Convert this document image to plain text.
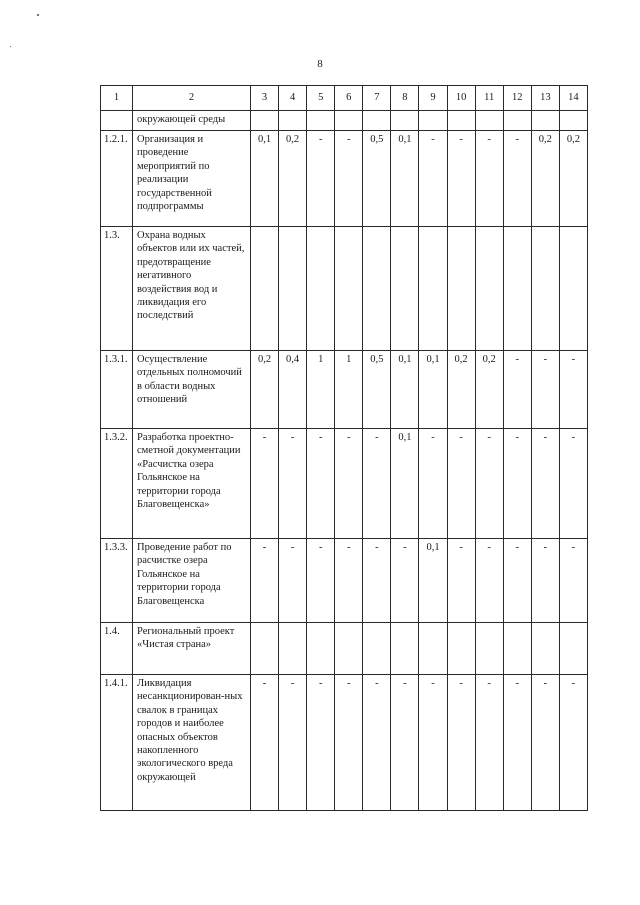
8
1	2	3	4	5	6	7	8	9	10	11	12	13	14
	окружающей среды												
1.2.1.	Организация и проведение мероприятий по реализации государственной подпрограммы	0,1	0,2	-	-	0,5	0,1	-	-	-	-	0,2	0,2
1.3.	Охрана водных объектов или их частей, предотвращение негативного воздействия вод и ликвидация его последствий												
1.3.1.	Осуществление отдельных полномочий в области водных отношений	0,2	0,4	1	1	0,5	0,1	0,1	0,2	0,2	-	-	-
1.3.2.	Разработка проектно-сметной документации «Расчистка озера Гольянское на территории города Благовещенска»	-	-	-	-	-	0,1	-	-	-	-	-	-
1.3.3.	Проведение работ по расчистке озера Гольянское на территории города Благовещенска	-	-	-	-	-	-	0,1	-	-	-	-	-
1.4.	Региональный проект «Чистая страна»												
1.4.1.	Ликвидация несанкционирован-ных свалок в границах городов и наиболее опасных объектов накопленного экологического вреда окружающей	-	-	-	-	-	-	-	-	-	-	-	-
